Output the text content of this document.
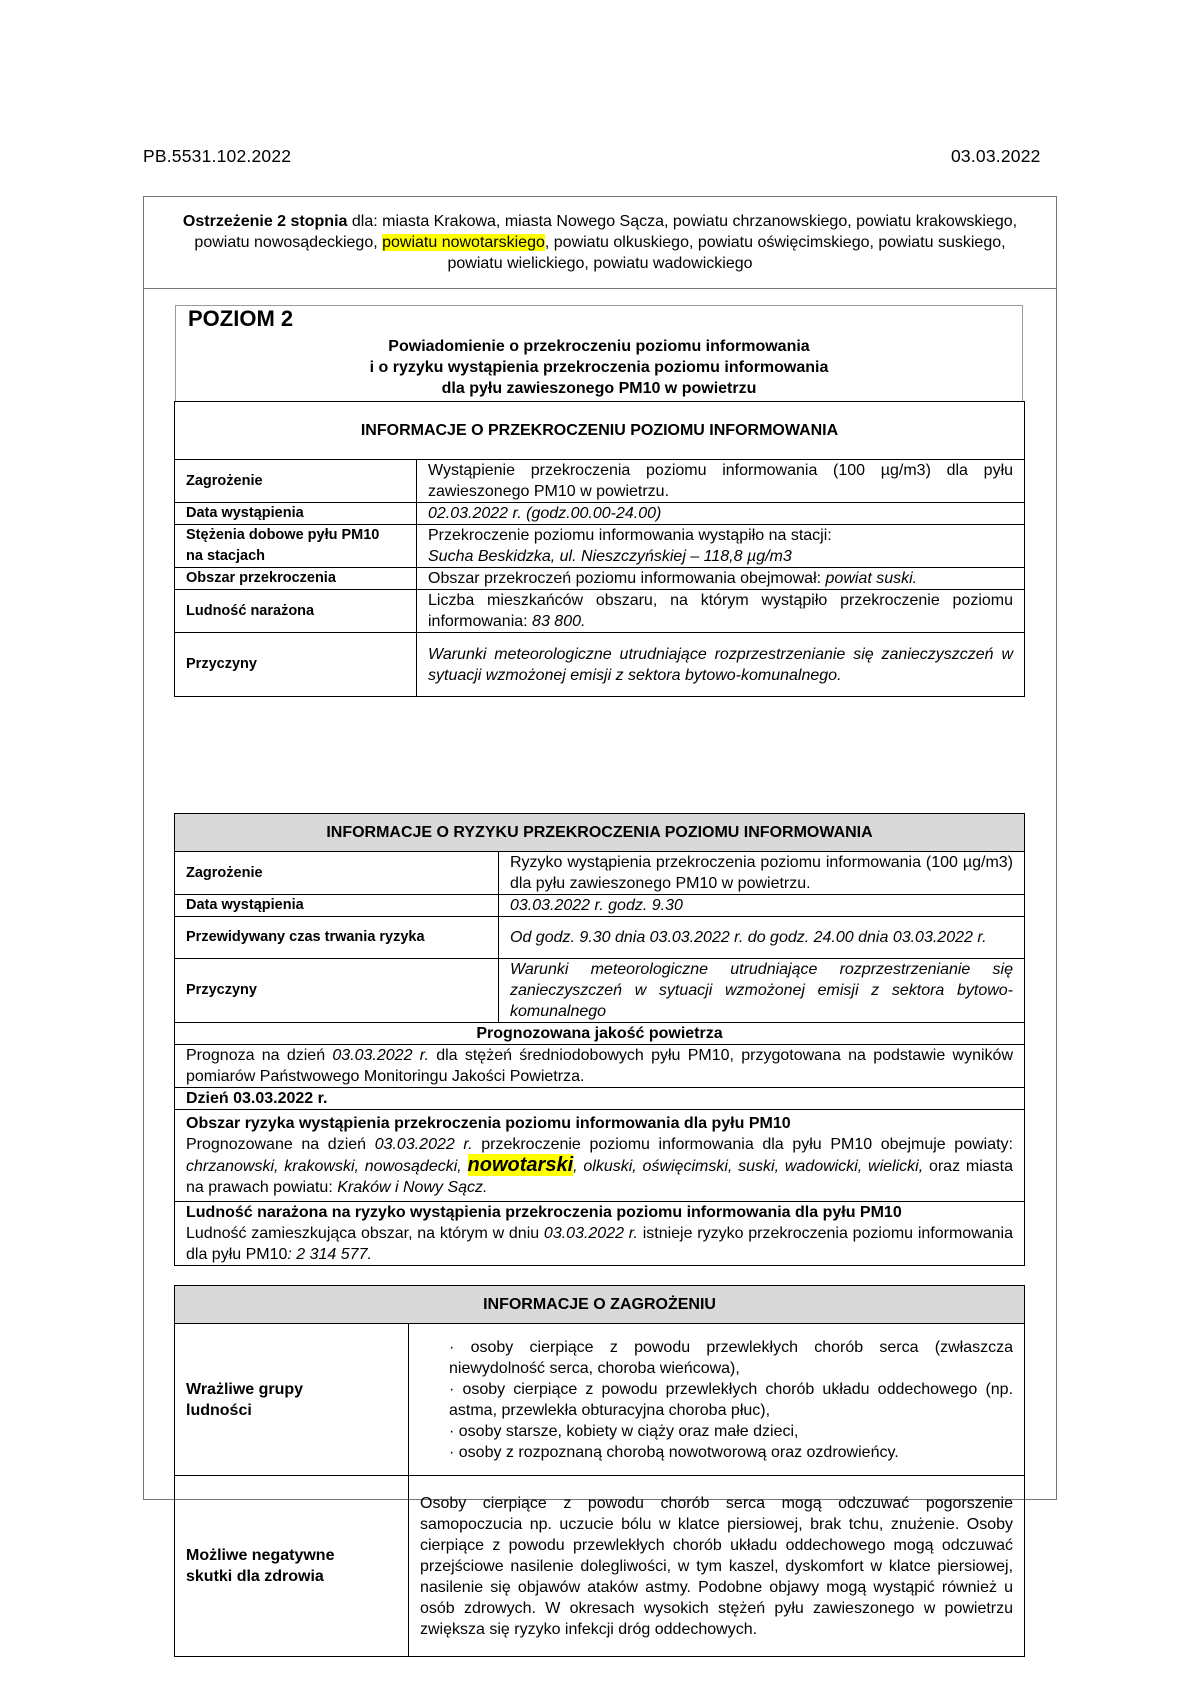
PB.5531.102.2022	03.03.2022
Ostrzeżenie 2 stopnia dla: miasta Krakowa, miasta Nowego Sącza, powiatu chrzanowskiego, powiatu krakowskiego, powiatu nowosądeckiego, powiatu nowotarskiego, powiatu olkuskiego, powiatu oświęcimskiego, powiatu suskiego, powiatu wielickiego, powiatu wadowickiego
POZIOM 2
Powiadomienie o przekroczeniu poziomu informowania
i o ryzyku wystąpienia przekroczenia poziomu informowania
dla pyłu zawieszonego PM10 w powietrzu
INFORMACJE O PRZEKROCZENIU POZIOMU INFORMOWANIA	
Zagrożenie	Wystąpienie przekroczenia poziomu informowania (100 µg/m3) dla pyłu zawieszonego PM10 w powietrzu.
Data wystąpienia	02.03.2022 r. (godz.00.00-24.00)
Stężenia dobowe pyłu PM10
na stacjach	Przekroczenie poziomu informowania wystąpiło na stacji:
Sucha Beskidzka, ul. Nieszczyńskiej – 118,8 µg/m3
Obszar przekroczenia	Obszar przekroczeń poziomu informowania obejmował: powiat suski.
Ludność narażona	Liczba mieszkańców obszaru, na którym wystąpiło przekroczenie poziomu informowania: 83 800.
Przyczyny	Warunki meteorologiczne utrudniające rozprzestrzenianie się zanieczyszczeń w sytuacji wzmożonej emisji z sektora bytowo-komunalnego.
INFORMACJE O RYZYKU PRZEKROCZENIA POZIOMU INFORMOWANIA	
Zagrożenie	Ryzyko wystąpienia przekroczenia poziomu informowania (100 µg/m3) dla pyłu zawieszonego PM10 w powietrzu.
Data wystąpienia	03.03.2022 r. godz. 9.30
Przewidywany czas trwania ryzyka	Od godz. 9.30 dnia 03.03.2022 r. do godz. 24.00 dnia 03.03.2022 r.
Przyczyny	Warunki meteorologiczne utrudniające rozprzestrzenianie się zanieczyszczeń w sytuacji wzmożonej emisji z sektora bytowo-komunalnego
Prognozowana jakość powietrza	
Prognoza na dzień 03.03.2022 r. dla stężeń średniodobowych pyłu PM10, przygotowana na podstawie wyników pomiarów Państwowego Monitoringu Jakości Powietrza.	
Dzień 03.03.2022 r.	
Obszar ryzyka wystąpienia przekroczenia poziomu informowania dla pyłu PM10
Prognozowane na dzień 03.03.2022 r. przekroczenie poziomu informowania dla pyłu PM10 obejmuje powiaty: chrzanowski, krakowski, nowosądecki, nowotarski, olkuski, oświęcimski, suski, wadowicki, wielicki, oraz miasta na prawach powiatu: Kraków i Nowy Sącz.	
Ludność narażona na ryzyko wystąpienia przekroczenia poziomu informowania dla pyłu PM10
Ludność zamieszkująca obszar, na którym w dniu 03.03.2022 r. istnieje ryzyko przekroczenia poziomu informowania dla pyłu PM10: 2 314 577.	
INFORMACJE O ZAGROŻENIU	
Wrażliwe grupy
ludności	· osoby cierpiące z powodu przewlekłych chorób serca (zwłaszcza niewydolność serca, choroba wieńcowa),
· osoby cierpiące z powodu przewlekłych chorób układu oddechowego (np. astma, przewlekła obturacyjna choroba płuc),
· osoby starsze, kobiety w ciąży oraz małe dzieci,
· osoby z rozpoznaną chorobą nowotworową oraz ozdrowieńcy.

Możliwe negatywne
skutki dla zdrowia	Osoby cierpiące z powodu chorób serca mogą odczuwać pogorszenie samopoczucia np. uczucie bólu w klatce piersiowej, brak tchu, znużenie. Osoby cierpiące z powodu przewlekłych chorób układu oddechowego mogą odczuwać przejściowe nasilenie dolegliwości, w tym kaszel, dyskomfort w klatce piersiowej, nasilenie się objawów ataków astmy. Podobne objawy mogą wystąpić również u osób zdrowych. W okresach wysokich stężeń pyłu zawieszonego w powietrzu zwiększa się ryzyko infekcji dróg oddechowych.
